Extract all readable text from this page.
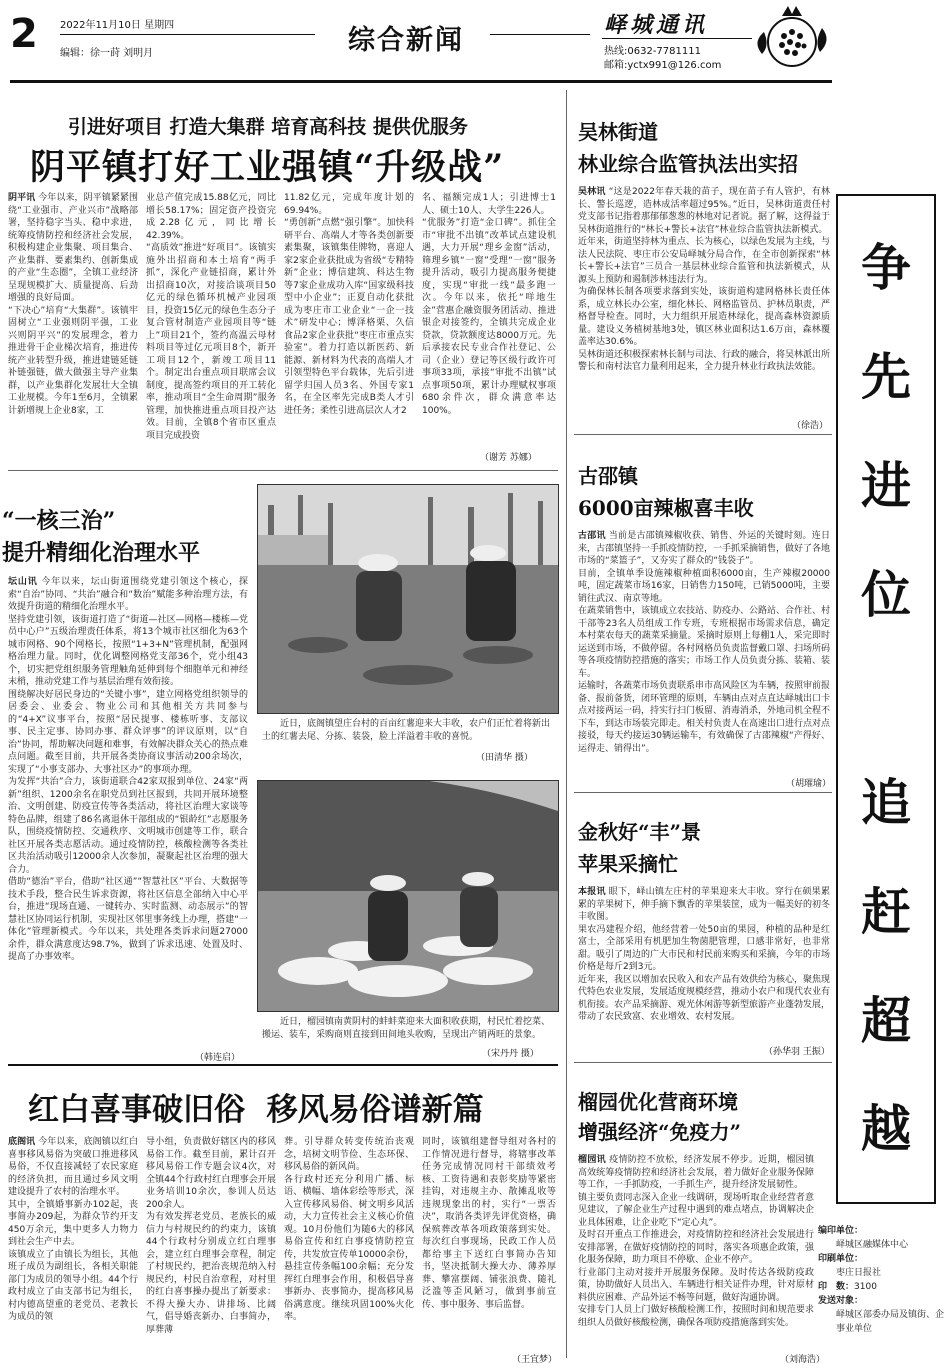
2 2022年11月10日 星期四
编辑：徐一莳 刘明月	综合新闻	峄城通讯
热线:0632-7781111
邮箱:yctx991@126.com
引进好项目 打造大集群 培育高科技 提供优服务
阴平镇打好工业强镇“升级战”
阴平讯 今年以来，阴平镇紧紧围绕“工业强市、产业兴市”战略部署，坚持稳字当头、稳中求进，统筹疫情防控和经济社会发展，积极构建企业集聚、项目集合、产业集群、要素集约、创新集成的产业“生态圈”，全镇工业经济呈现规模扩大、质量提高、后劲增强的良好局面。
“下决心”培育“大集群”。该镇牢固树立“工业强则阴平强，工业兴则阴平兴”的发展理念，着力推进骨干企业梯次培育，推进传统产业转型升级，推进建链延链补链强链，做大做强主导产业集群，以产业集群化发展壮大全镇工业规模。今年1至6月，全镇累计新增规上企业8家，工
业总产值完成15.88亿元，同比增长58.17%；固定资产投资完成2.28亿元，同比增长42.39%。
“高质效”推进“好项目”。该镇实施外出招商和本土培育“两手抓”，深化产业链招商，累计外出招商10次，对接洽谈项目50亿元的绿色循环机械产业园项目，投资15亿元的绿色生态分子复合管材制造产业园项目等“链上”项目21个，签约高温云母材料项目等过亿元项目8个，新开工项目12个，新竣工项目11个。制定出台重点项目联席会议制度，提高签约项目的开工转化率，推动项目“全生命周期”服务管理，加快推进重点项目投产达效。目前，全镇8个省市区重点项目完成投资
11.82亿元，完成年度计划的69.94%。
“勇创新”点燃“强引擎”。加快科研平台、高端人才等各类创新要素集聚，该镇集佳牌物，喜迎人家2家企业获批成为省级“专精特新”企业；博信建筑、科达生物等7家企业成功入库“国家级科技型中小企业”；正夏自动化获批成为枣庄市工业企业“一企一技术”研发中心；博泽格栗、久信食品2家企业获批“枣庄市重点实验室”。着力打造以新医药、新能源、新材料为代表的高端人才引领型特色平台载体，先后引进留学归国人员3名、外国专家1名，在全区率先完成B类人才引进任务；柔性引进高层次人才2
名、福额完成1人；引进博士1人、硕士10人、大学生226人。
“优服务”打造“金口碑”。抓住全市“审批不出镇”改革试点建设机遇，大力开展“理乡金窗”活动，筛理乡镇“一窗”受理“一窗”服务提升活动，吸引力提高服务便捷度，实现“审批一线”最多跑一次。今年以来，依托“咩地生金”营惠企融资服务团活动、推进银企对接签约，全镇共完成企业贷款，贷款额度达8000万元。先后承接农民专业合作社登记、公司（企业）登记等区级行政许可事项33项，承接“审批不出镇”试点事项50项，累计办理赋权事项680余件次，群众满意率达100%。
（谢芳 苏娜）
“一核三治”
提升精细化治理水平
坛山讯 今年以来，坛山街道围绕党建引领这个核心，探索“自治”协同、“共治”融合和“数治”赋能多种治理方法，有效提升街道的精细化治理水平。
坚持党建引领，该街道打造了“街道—社区—网格—楼栋—党员中心户”五级治理责任体系，将13个城市社区细化为63个城市网格、90个网格长，按照“1+3+N”管理机制，配强网格治理力量。同时，优化调整网格党支部36个，党小组43个，切实把党组织服务管理触角延伸到每个细胞单元和神经末梢，推动党建工作与基层治理有效衔接。
围绕解决好居民身边的“关键小事”，建立网格党组织领导的居委会、业委会、物业公司和其他相关方共同参与的“4+X”议事平台，按照“居民提事、楼栋听事、支部议事、民主定事、协同办事、群众评事”的评议原则，以“自治”协同，帮助解决问题和难事，有效解决群众关心的热点难点问题。截至目前，共开展各类协商议事活动200余场次，实现了“小事支部办、大事社区办”的事项办理。
为发挥“共治”合力，该街道联合42家双报到单位、24家“两新”组织、1200余名在职党员到社区报到，共同开展环境整治、文明创建、防疫宣传等各类活动，将社区治理大家谈等特色品牌，组建了86名离退休干部组成的“银龄红”志愿服务队，围绕疫情防控、交通秩序、文明城市创建等工作，联合社区开展各类志愿活动。通过疫情防控，核酸检测等各类社区共治活动吸引12000余人次参加，凝聚起社区治理的强大合力。
借助“德治”平台，借助“社区通”“智慧社区”平台、大数据等技术手段，整合民生诉求资源，将社区信息全部纳入中心平台，推进“现场直通、一键转办、实时监测、动态展示”的智慧社区协同运行机制，实现社区邻里事务线上办理，搭建“一体化”管理新模式。今年以来，共处理各类诉求问题27000余件，群众满意度达98.7%，做到了诉求迅速、处置及时、提高了办事效率。
（韩连启）
近日，底阁镇望庄台村的百亩红薯迎来大丰收，农户们正忙着将新出土的红薯去尾、分拣、装袋，脸上洋溢着丰收的喜悦。
（田清华 摄）
近日，榴园镇南黄阴村的蚌蚌菜迎来大面积收获期，村民忙着挖菜、搬运、装车，采购商则直接到田间地头收购，呈现出产销两旺的景象。
（宋丹丹 摄）
吴林街道
林业综合监管执法出实招
吴林讯 “这是2022年春天栽的苗子，现在苗子有人管护，有林长、警长巡逻，造林成活率超过95%。”近日，吴林街道责任村党支部书记指着那郁郁葱葱的林地对记者说。据了解，这得益于吴林街道推行的“林长+警长+法官”林业综合监管执法新模式。
近年来，街道坚持林为重点、长为核心，以绿色发展为主线，与法人民法院、枣庄市公安局峄城分局合作，在全市创新探索“林长+警长+法官”三员合一基层林业综合监管和执法新模式，从源头上预防和遏制涉林违法行为。
为确保林长制各项要求落到实处，该街道构建网格林长责任体系，成立林长办公室，细化林长、网格监管员、护林员职责，严格督导检查。同时，大力组织开展造林绿化，提高森林资源质量。建设义务植树基地3处，镇区林业面积达1.6万亩，森林覆盖率达30.6%。
吴林街道还积极探索林长制与司法、行政的融合，将吴林派出所警长和南村法官力量利用起来，全力提升林业行政执法效能。
（徐浩）
古邵镇
6000亩辣椒喜丰收
古邵讯 当前是古邵镇辣椒收获、销售、外运的关键时刻。连日来，古邵镇坚持一手抓疫情防控，一手抓采摘销售，做好了各地市场的“菜篮子”，又夯实了群众的“钱袋子”。
目前，全镇单季设施辣椒种植面积6000亩，生产辣椒20000吨，固定蔬菜市场16家，日销售力150吨，已销5000吨，主要销往武汉、南京等地。
在蔬菜销售中，该镇成立农技站、防疫办、公路站、合作社、村干部等23名人员组成工作专班，专班根据市场需求信息，确定本村菜农每天的蔬菜采摘量。采摘时原则上每棚1人，采完即时运送到市场，不做停留。各村网格员负责监督戴口罩、扫场所码等各项疫情防控措施的落实；市场工作人员负责分拣、装箱、装车。
运输时，各蔬菜市场负责联系串市高风险区为车辆，按照审前报备、报前备货，闭环管理的原则，车辆由点对点直达峄城出口卡点对接两运一码，持实行扫门板留、消毒消杀，外地司机全程不下车，到达市场装完即走。相关村负责人在高速出口进行点对点接驳，每天约接运30辆运输车，有效确保了古邵辣椒“产得好、运得走、销得出”。
（胡璀瑜）
金秋好“丰”景
苹果采摘忙
本报讯 眼下，峄山镇左庄村的苹果迎来大丰收。穿行在硕果累累的苹果树下，伸手摘下飘香的苹果装筐，成为一幅美好的初冬丰收图。
果农冯建程介绍，他经营着一处50亩的果园，种植的品种是红富士，全部采用有机肥加生物菌肥管理，口感非常好，也非常甜。吸引了周边的广大市民和村民前来购买和采摘，今年的市场价格是每斤2到3元。
近年来，我区以增加农民收入和农产品有效供给为核心，聚焦现代特色农业发展，发展适度规模经营，推动小农户和现代农业有机衔接。农产品采摘游、观光休闲游等新型旅游产业蓬勃发展，带动了农民致富、农业增效、农村发展。
（孙华羽 王振）
争
先
进
位
追
赶
超
越
红白喜事破旧俗  移风易俗谱新篇
底阁讯 今年以来，底阁镇以红白喜事移风易俗为突破口推进移风易俗，不仅直接减轻了农民家庭的经济负担，而且通过乡风文明建设提升了农村的治理水平。
其中，全镇婚事新办102起，丧事简办209起，为群众节约开支450万余元，集中更多人力物力到社会生产中去。
该镇成立了由镇长为组长，其他班子成员为副组长，各相关职能部门为成员的领导小组。44个行政村成立了由支部书记为组长，村内德高望重的老党员、老教长为成员的领
导小组，负责做好辖区内的移风易俗工作。截至目前，累计召开移风易俗工作专题会议4次，对全镇44个行政村红白理事会开展业务培训10余次，参训人员达200余人。
为有效发挥老党员、老族长的威信力与村规民约的约束力，该镇44个行政村分别成立红白理事会，建立红白理事会章程，制定了村规民约，把治丧规范纳入村规民约，村民自治章程，对村里的红白喜事操办提出了新要求：不得大操大办、讲排场、比阔气，倡导婚丧新办、白事简办，厚葬薄
葬。引导群众转变传统治丧观念，培树文明节俭、生态环保、移风易俗的新风尚。
各行政村还充分利用广播、标语、横幅、墙体彩绘等形式，深入宣传移风易俗、树文明乡风活动，大力宣传社会主义核心价值观。10月份他们为随6大的移风易俗宣传和红白事疫情防控宣传，共发放宣传单10000余份，悬挂宣传条幅100余幅；充分发挥红白理事会作用，积极倡导喜事新办、丧事简办，提高移风易俗满意度。继续巩固100%火化率。
同时，该镇组建督导组对各村的工作情况进行督导，将辖事改革任务完成情况同村干部绩效考核、工资待遇和表彰奖励等紧密挂钩，对违规主办、散摊乱收等违规现象出的村，实行“一票否决”，取消各类评先评优资格，确保殡葬改革各项政策落到实处。每次红白事现场，民政工作人员都给事主下送红白事简办告知书，坚决抵制大操大办、薄养厚葬、攀富摆阔、铺张浪费、随礼泛滥等歪风陋习，做到事前宣传、事中服务、事后监督。
（王宜梦）
榴园优化营商环境
增强经济“免疫力”
榴园讯 疫情防控不放松，经济发展不停步。近期，榴园镇高效统筹疫情防控和经济社会发展，着力做好企业服务保障等工作，一手抓防疫，一手抓生产，提升经济发展韧性。
镇主要负责同志深入企业一线调研，现场听取企业经营者意见建议，了解企业生产过程中遇到的难点堵点，协调解决企业具体困难，让企业吃下“定心丸”。
及时召开重点工作推进会，对疫情防控和经济社会发展进行安排部署，在做好疫情防控的同时，落实各项惠企政策，强化服务保障，助力项目不停歇、企业不停产。
行业部门主动对接并开展服务保障。及时传达各级防疫政策，协助做好人员出入、车辆进行相关证件办理，针对原材料供应困难、产品外运不畅等问题，做好沟通协调。
安排专门人员上门做好核酸检测工作，按照时间和规范要求组织人员做好核酸检测，确保各项防疫措施落到实处。
（刘海浩）
编印单位：
峄城区融媒体中心
印刷单位：
枣庄日报社
印　数： 3100
发送对象：
峄城区部委办局及镇街、企事业单位
